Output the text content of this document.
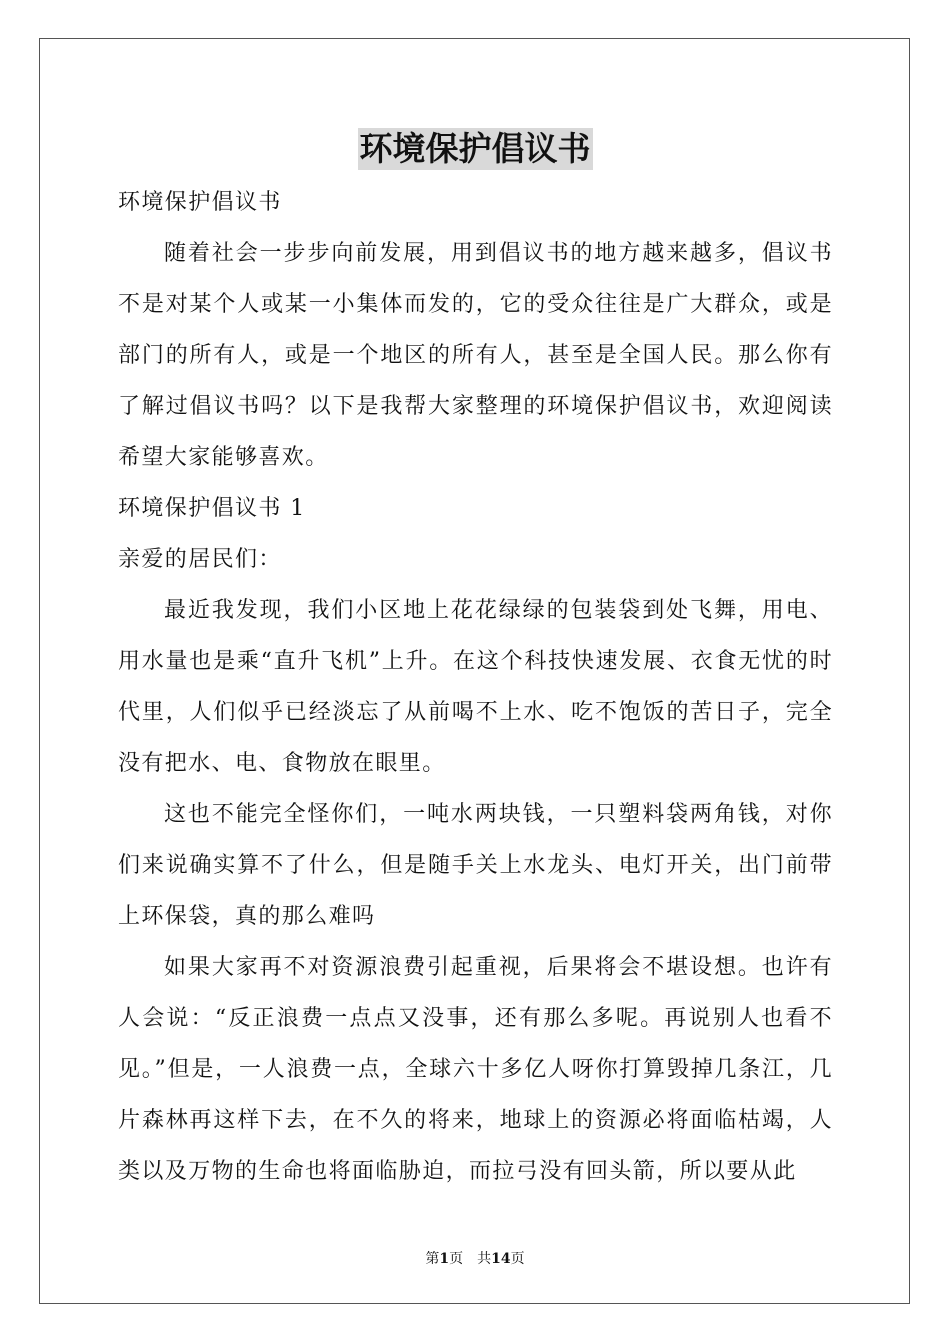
环境保护倡议书

环境保护倡议书

随着社会一步步向前发展，用到倡议书的地方越来越多，倡议书不是对某个人或某一小集体而发的，它的受众往往是广大群众，或是部门的所有人，或是一个地区的所有人，甚至是全国人民。那么你有了解过倡议书吗？以下是我帮大家整理的环境保护倡议书，欢迎阅读希望大家能够喜欢。

环境保护倡议书 1

亲爱的居民们：

最近我发现，我们小区地上花花绿绿的包装袋到处飞舞，用电、用水量也是乘“直升飞机”上升。在这个科技快速发展、衣食无忧的时代里，人们似乎已经淡忘了从前喝不上水、吃不饱饭的苦日子，完全没有把水、电、食物放在眼里。

这也不能完全怪你们，一吨水两块钱，一只塑料袋两角钱，对你们来说确实算不了什么，但是随手关上水龙头、电灯开关，出门前带上环保袋，真的那么难吗

如果大家再不对资源浪费引起重视，后果将会不堪设想。也许有人会说：“反正浪费一点点又没事，还有那么多呢。再说别人也看不见。”但是，一人浪费一点，全球六十多亿人呀你打算毁掉几条江，几片森林再这样下去，在不久的将来，地球上的资源必将面临枯竭，人类以及万物的生命也将面临胁迫，而拉弓没有回头箭，所以要从此

第1页 共14页
